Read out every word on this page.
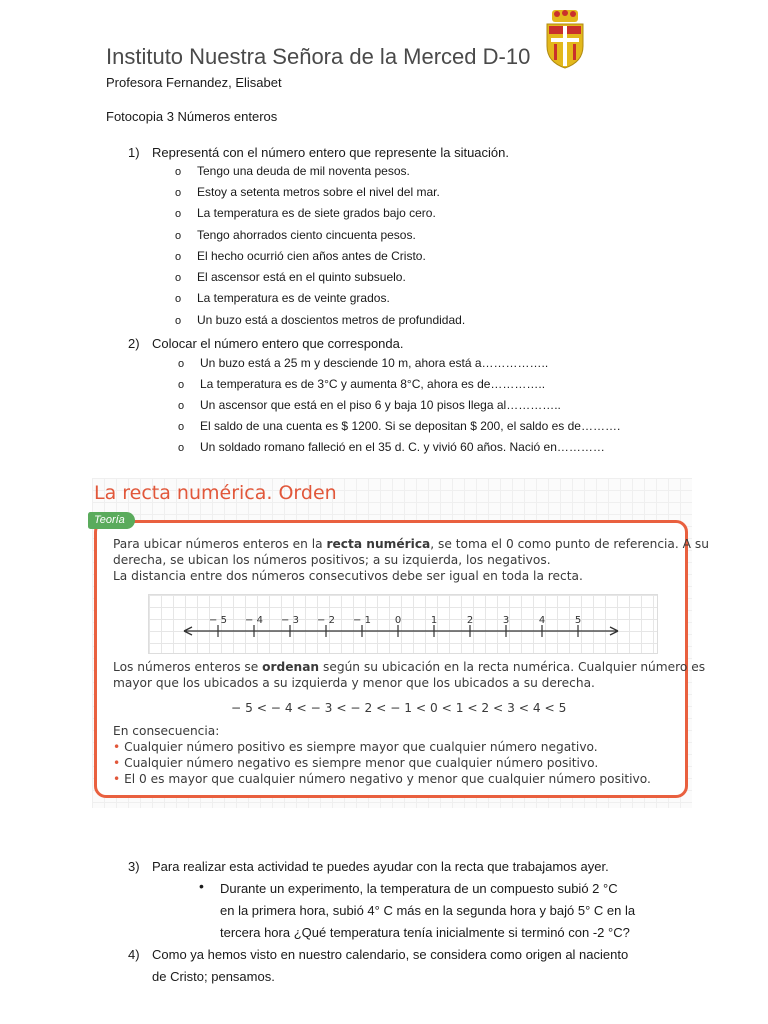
Instituto Nuestra Señora de la Merced D-10
Profesora Fernandez, Elisabet
Fotocopia 3 Números enteros
1) Representá con el número entero que represente la situación.
o Tengo una deuda de mil noventa pesos.
o Estoy a setenta metros sobre el nivel del mar.
o La temperatura es de siete grados bajo cero.
o Tengo ahorrados ciento cincuenta pesos.
o El hecho ocurrió cien años antes de Cristo.
o El ascensor está en el quinto subsuelo.
o La temperatura es de veinte grados.
o Un buzo está a doscientos metros de profundidad.
2) Colocar el número entero que corresponda.
o Un buzo está a 25 m y desciende 10 m, ahora está a……………..
o La temperatura es de 3°C y aumenta 8°C, ahora es de…………..
o Un ascensor que está en el piso 6 y baja 10 pisos llega al…………..
o El saldo de una cuenta es $ 1200. Si se depositan $ 200, el saldo es de……….
o Un soldado romano falleció en el 35 d. C. y vivió 60 años. Nació en…………
La recta numérica. Orden
Teoría
Para ubicar números enteros en la recta numérica, se toma el 0 como punto de referencia. A su
derecha, se ubican los números positivos; a su izquierda, los negativos.
La distancia entre dos números consecutivos debe ser igual en toda la recta.
− 5 − 4 − 3 − 2 − 1 0	1	2	3	4	5
Los números enteros se ordenan según su ubicación en la recta numérica. Cualquier número es
mayor que los ubicados a su izquierda y menor que los ubicados a su derecha.
− 5 < − 4 < − 3 < − 2 < − 1 < 0 < 1 < 2 < 3 < 4 < 5
En consecuencia:
• Cualquier número positivo es siempre mayor que cualquier número negativo.
• Cualquier número negativo es siempre menor que cualquier número positivo.
• El 0 es mayor que cualquier número negativo y menor que cualquier número positivo.
3) Para realizar esta actividad te puedes ayudar con la recta que trabajamos ayer.
• Durante un experimento, la temperatura de un compuesto subió 2 °C
en la primera hora, subió 4° C más en la segunda hora y bajó 5° C en la
tercera hora ¿Qué temperatura tenía inicialmente si terminó con -2 °C?
4) Como ya hemos visto en nuestro calendario, se considera como origen al naciento
de Cristo; pensamos.
